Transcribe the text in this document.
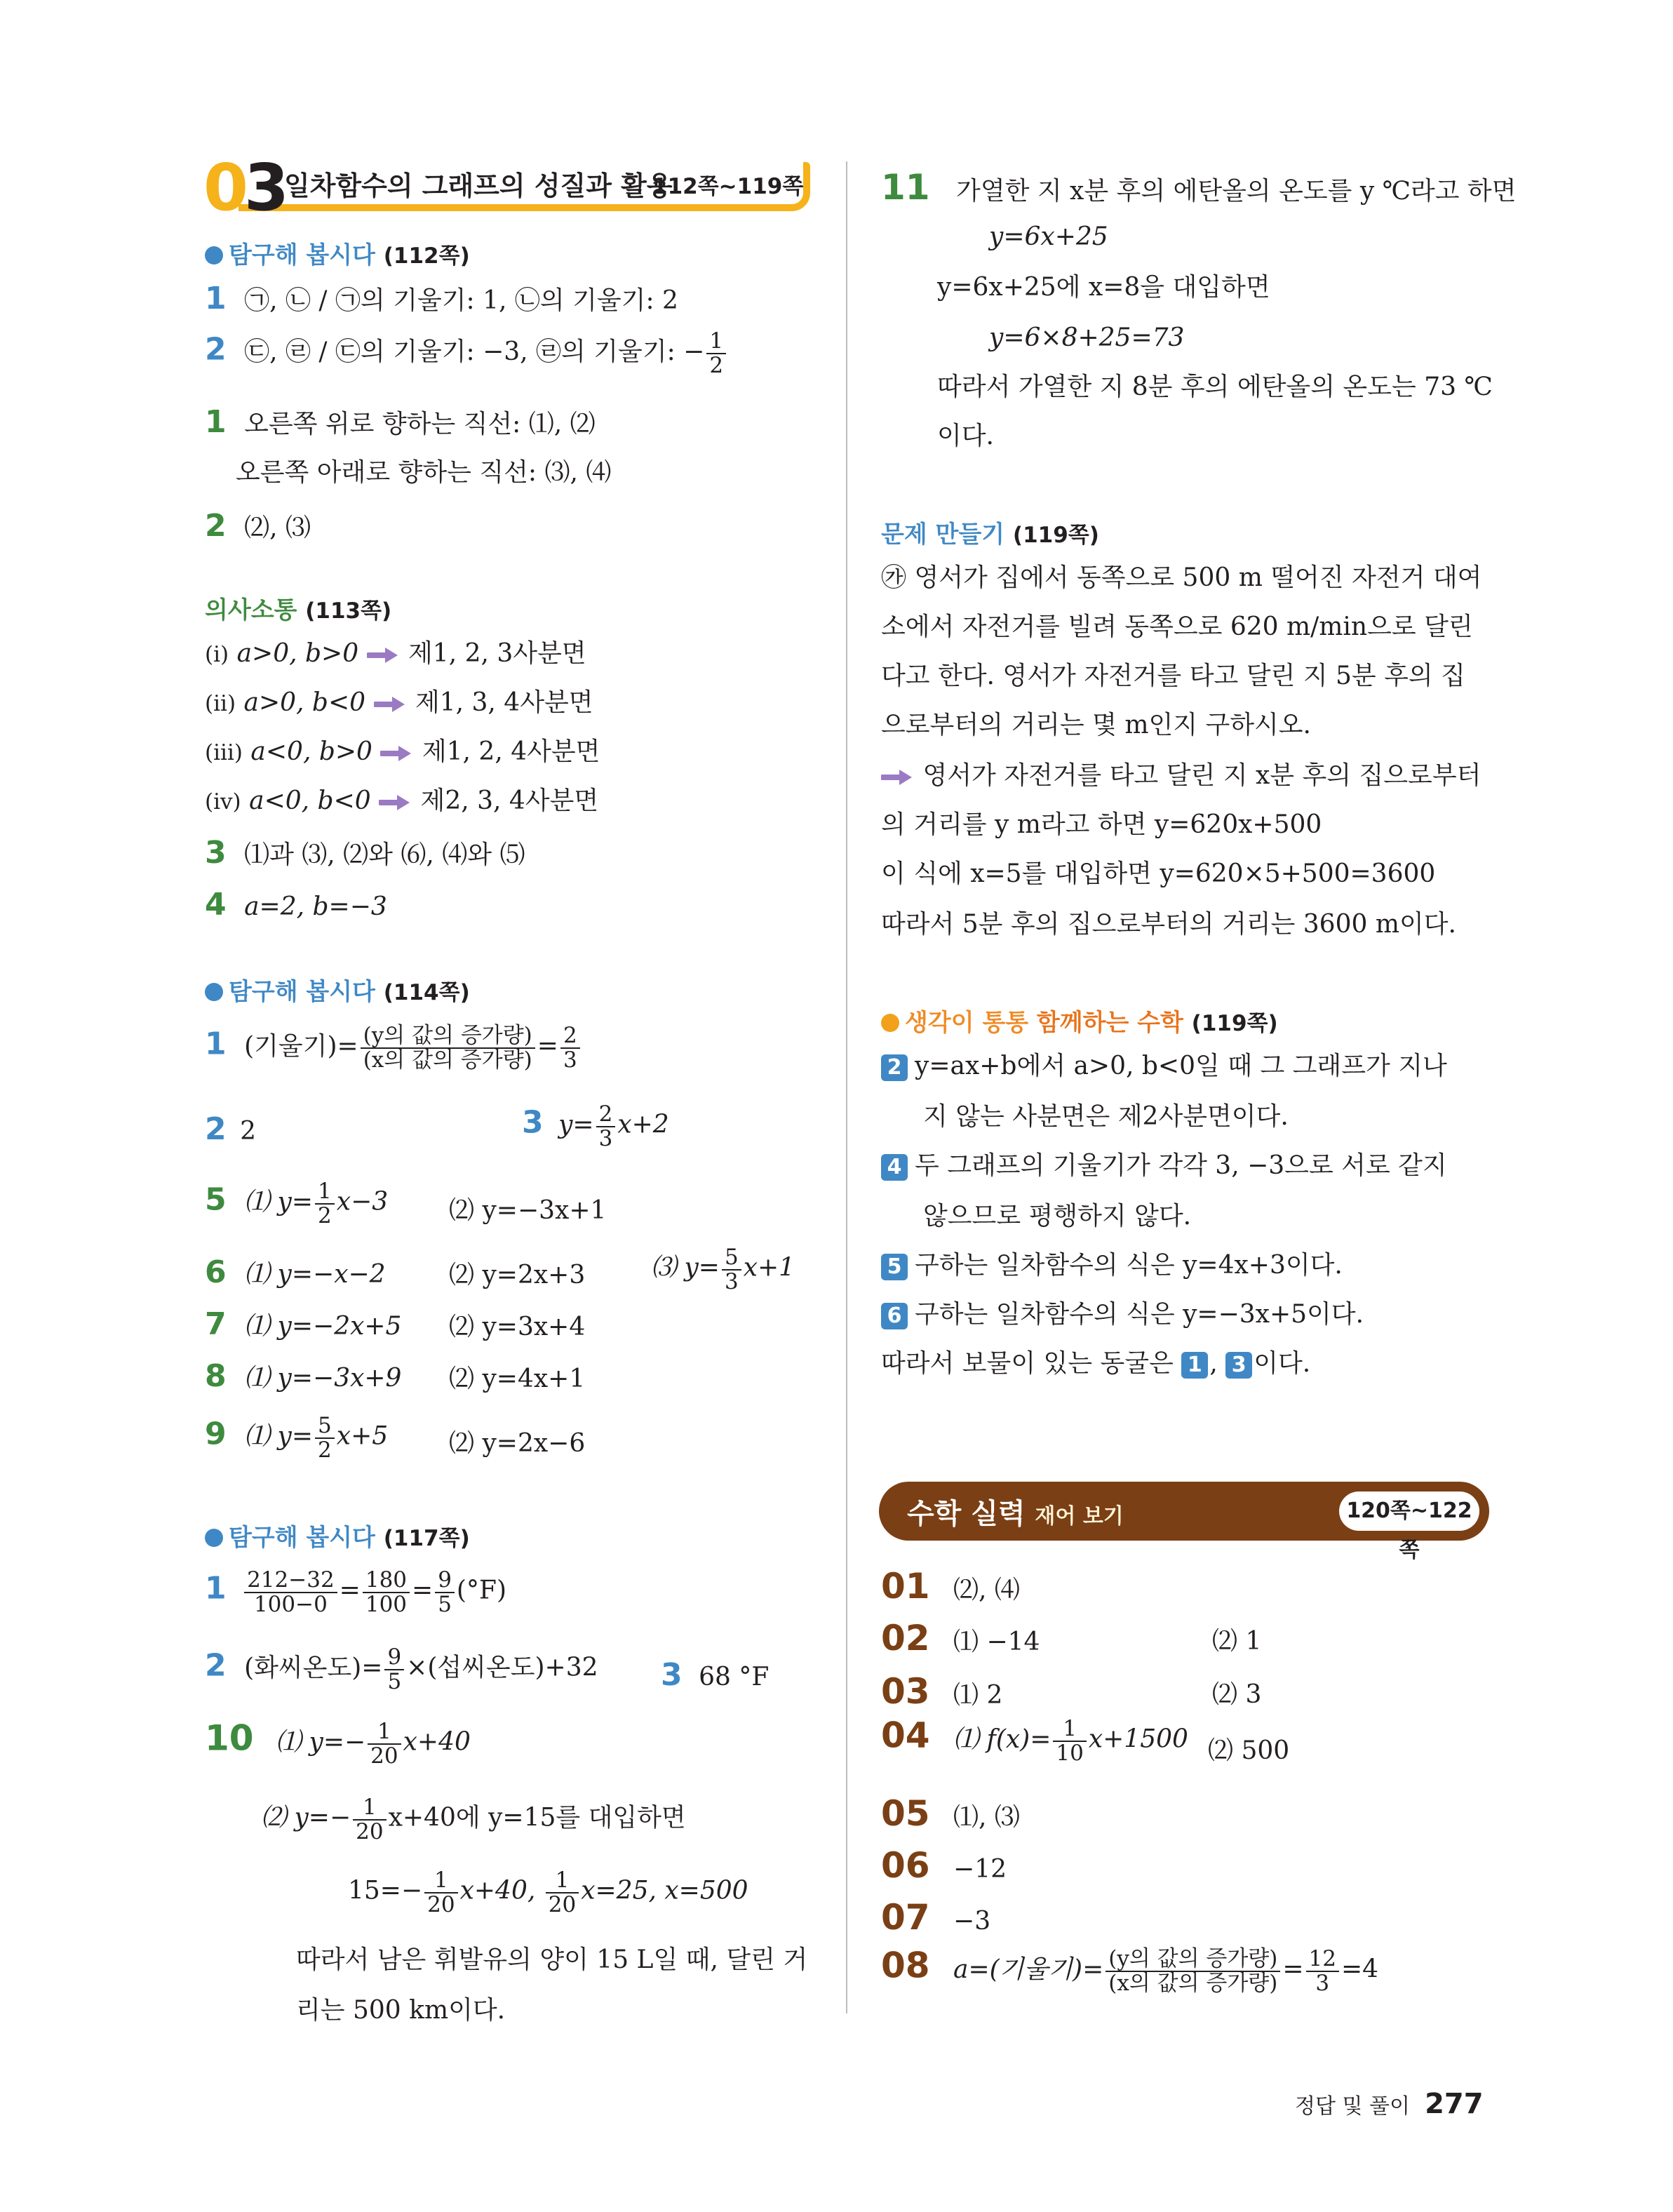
03
일차함수의 그래프의 성질과 활용
112쪽~119쪽
탐구해 봅시다 (112쪽)
1 ㉠, ㉡ / ㉠의 기울기: 1, ㉡의 기울기: 2
2 ㉢, ㉣ / ㉢의 기울기: −3, ㉣의 기울기: − $\frac{1}{2}$
1 오른쪽 위로 향하는 직선: ⑴, ⑵
오른쪽 아래로 향하는 직선: ⑶, ⑷
2 ⑵, ⑶
의사소통 (113쪽)
(ⅰ) a>0, b>0 제1, 2, 3사분면
(ⅱ) a>0, b<0 제1, 3, 4사분면
(ⅲ) a<0, b>0 제1, 2, 4사분면
(ⅳ) a<0, b<0 제2, 3, 4사분면
3 ⑴과 ⑶, ⑵와 ⑹, ⑷와 ⑸
4 a=2, b=−3
탐구해 봅시다 (114쪽)
1 (기울기)= $\frac{\text{(y의 값의 증가량)}}{\text{(x의 값의 증가량)}} = \frac{2}{3}$
2 2	3 $y= \frac{2}{3} x+2$
5 ⑴ $y= \frac{1}{2} x-3$ ⑵ y=−3x+1
6 ⑴ y=−x−2	⑵ y=2x+3	⑶ $y= \frac{5}{3} x+1$
7 ⑴ y=−2x+5 ⑵ y=3x+4
8 ⑴ y=−3x+9 ⑵ y=4x+1
9 ⑴ $y= \frac{5}{2} x+5$ ⑵ y=2x−6
탐구해 봅시다 (117쪽)
$1 \frac{212-32}{100-0} = \frac{180}{100} = \frac{9}{5} (^\circ F)$
2 (화씨온도)= $\frac{9}{5}$ ×(섭씨온도)+32 3 68 °F
10 ⑴ $y=- \frac{1}{20} x+40$
⑵ $y=- \frac{1}{20} x+40$에 y=15를 대입하면
$15=- \frac{1}{20} x+40$, $\frac{1}{20} x=25$, x=500
따라서 남은 휘발유의 양이 15 L일 때, 달린 거
리는 500 km이다.
11 가열한 지 x분 후의 에탄올의 온도를 y ℃라고 하면
y=6x+25
y=6x+25에 x=8을 대입하면
y=6×8+25=73
따라서 가열한 지 8분 후의 에탄올의 온도는 73 ℃
이다.
문제 만들기 (119쪽)
㉮ 영서가 집에서 동쪽으로 500 m 떨어진 자전거 대여
소에서 자전거를 빌려 동쪽으로 620 m/min으로 달린
다고 한다. 영서가 자전거를 타고 달린 지 5분 후의 집
으로부터의 거리는 몇 m인지 구하시오.
영서가 자전거를 타고 달린 지 x분 후의 집으로부터
의 거리를 y m라고 하면 y=620x+500
이 식에 x=5를 대입하면 y=620×5+500=3600
따라서 5분 후의 집으로부터의 거리는 3600 m이다.
생각이 통통 함께하는 수학 (119쪽)
2 y=ax+b에서 a>0, b<0일 때 그 그래프가 지나
지 않는 사분면은 제2사분면이다.
4 두 그래프의 기울기가 각각 3, −3으로 서로 같지
않으므로 평행하지 않다.
5 구하는 일차함수의 식은 y=4x+3이다.
6 구하는 일차함수의 식은 y=−3x+5이다.
따라서 보물이 있는 동굴은 1 , 3 이다.
수학 실력 재어 보기	120쪽~122쪽
01 ⑵, ⑷
02 ⑴ −14	⑵ 1
03 ⑴ 2	⑵ 3
04 ⑴ $f(x)= \frac{1}{10} x+1500$ ⑵ 500
05 ⑴, ⑶
06 −12
07 −3
08 a=(기울기)= $\frac{\text{(y의 값의 증가량)}}{\text{(x의 값의 증가량)}} = \frac{12}{3} =4$
정답 및 풀이 277
